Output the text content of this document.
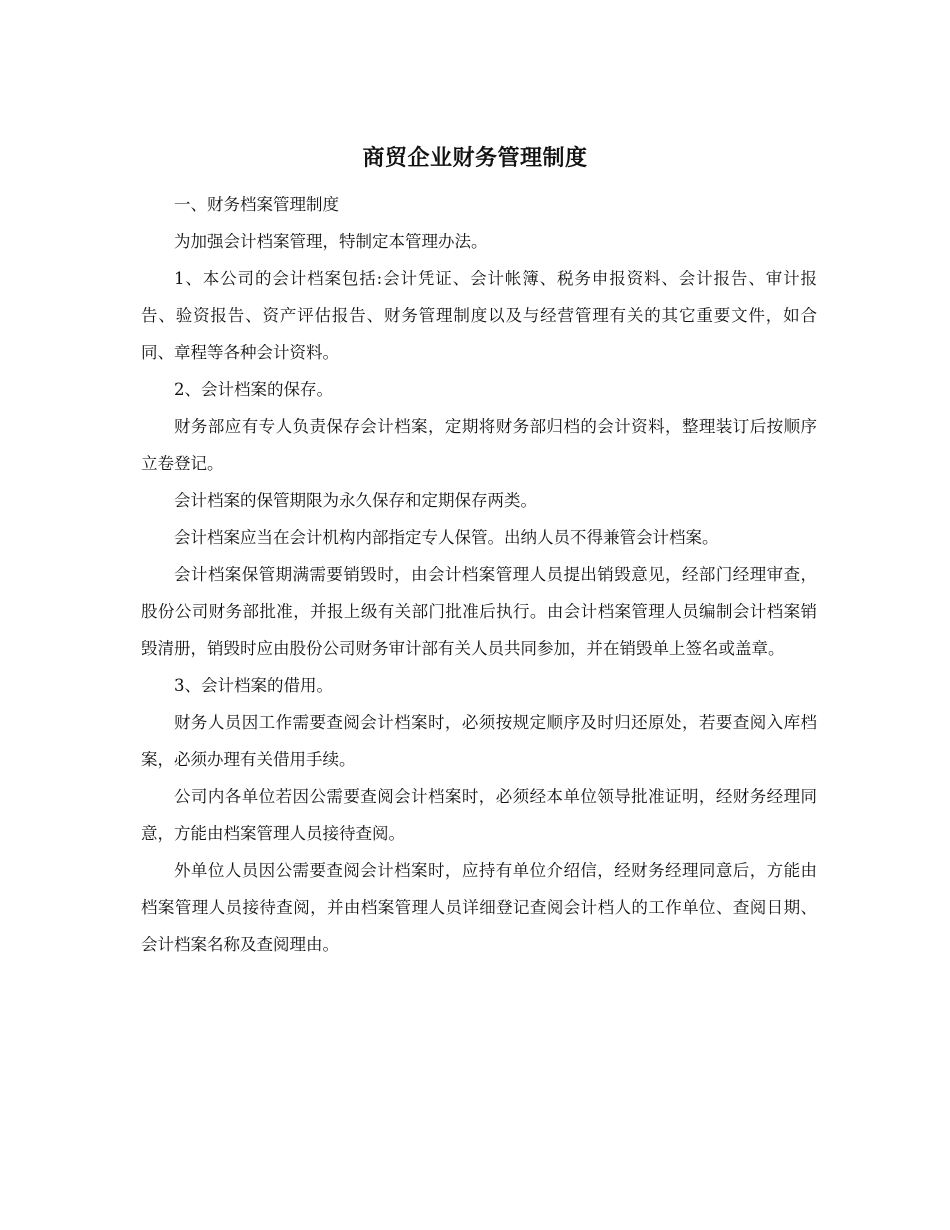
商贸企业财务管理制度

一、财务档案管理制度

为加强会计档案管理，特制定本管理办法。

1、本公司的会计档案包括:会计凭证、会计帐簿、税务申报资料、会计报告、审计报告、验资报告、资产评估报告、财务管理制度以及与经营管理有关的其它重要文件，如合同、章程等各种会计资料。

2、会计档案的保存。

财务部应有专人负责保存会计档案，定期将财务部归档的会计资料，整理装订后按顺序立卷登记。

会计档案的保管期限为永久保存和定期保存两类。

会计档案应当在会计机构内部指定专人保管。出纳人员不得兼管会计档案。

会计档案保管期满需要销毁时，由会计档案管理人员提出销毁意见，经部门经理审查，股份公司财务部批准，并报上级有关部门批准后执行。由会计档案管理人员编制会计档案销毁清册，销毁时应由股份公司财务审计部有关人员共同参加，并在销毁单上签名或盖章。

3、会计档案的借用。

财务人员因工作需要查阅会计档案时，必须按规定顺序及时归还原处，若要查阅入库档案，必须办理有关借用手续。

公司内各单位若因公需要查阅会计档案时，必须经本单位领导批准证明，经财务经理同意，方能由档案管理人员接待查阅。

外单位人员因公需要查阅会计档案时，应持有单位介绍信，经财务经理同意后，方能由档案管理人员接待查阅，并由档案管理人员详细登记查阅会计档人的工作单位、查阅日期、会计档案名称及查阅理由。
